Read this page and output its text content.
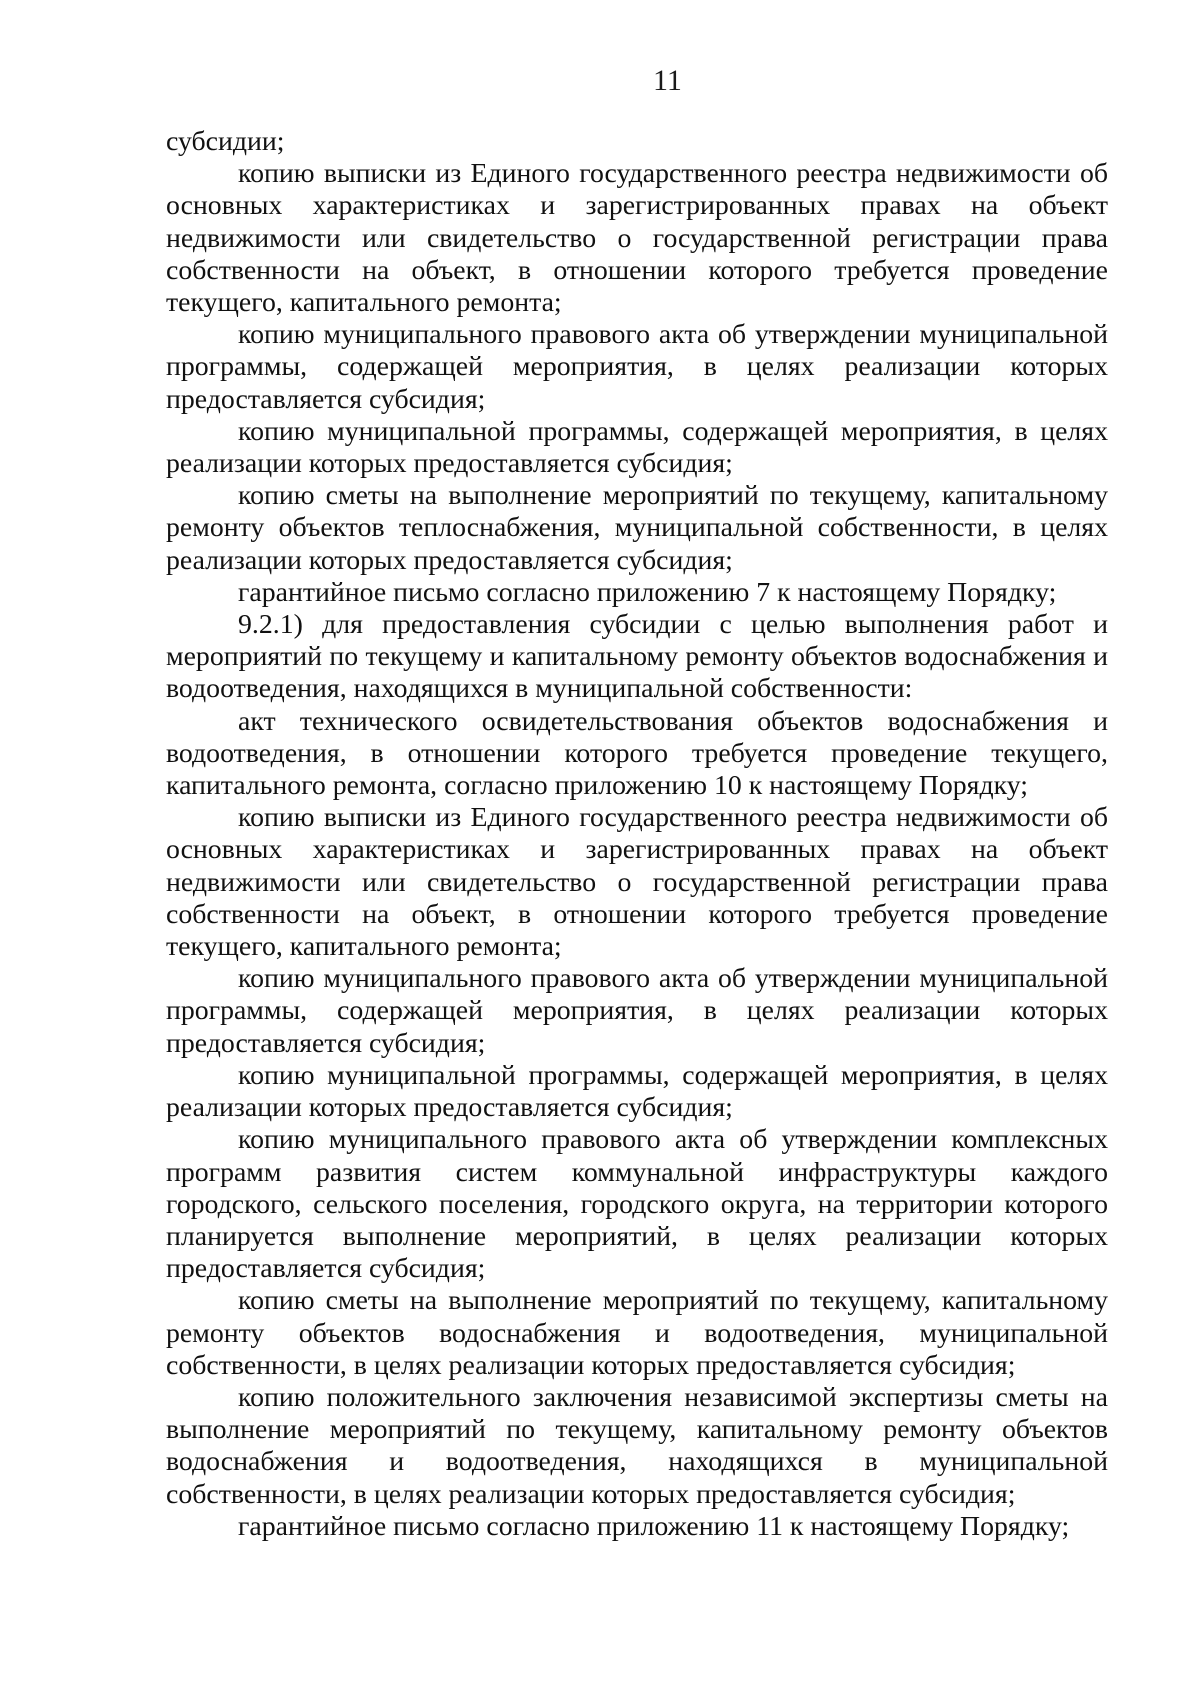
11

субсидии;

копию выписки из Единого государственного реестра недвижимости об основных характеристиках и зарегистрированных правах на объект недвижимости или свидетельство о государственной регистрации права собственности на объект, в отношении которого требуется проведение текущего, капитального ремонта;

копию муниципального правового акта об утверждении муниципальной программы, содержащей мероприятия, в целях реализации которых предоставляется субсидия;

копию муниципальной программы, содержащей мероприятия, в целях реализации которых предоставляется субсидия;

копию сметы на выполнение мероприятий по текущему, капитальному ремонту объектов теплоснабжения, муниципальной собственности, в целях реализации которых предоставляется субсидия;

гарантийное письмо согласно приложению 7 к настоящему Порядку;

9.2.1) для предоставления субсидии с целью выполнения работ и мероприятий по текущему и капитальному ремонту объектов водоснабжения и водоотведения, находящихся в муниципальной собственности:

акт технического освидетельствования объектов водоснабжения и водоотведения, в отношении которого требуется проведение текущего, капитального ремонта, согласно приложению 10 к настоящему Порядку;

копию выписки из Единого государственного реестра недвижимости об основных характеристиках и зарегистрированных правах на объект недвижимости или свидетельство о государственной регистрации права собственности на объект, в отношении которого требуется проведение текущего, капитального ремонта;

копию муниципального правового акта об утверждении муниципальной программы, содержащей мероприятия, в целях реализации которых предоставляется субсидия;

копию муниципальной программы, содержащей мероприятия, в целях реализации которых предоставляется субсидия;

копию муниципального правового акта об утверждении комплексных программ развития систем коммунальной инфраструктуры каждого городского, сельского поселения, городского округа, на территории которого планируется выполнение мероприятий, в целях реализации которых предоставляется субсидия;

копию сметы на выполнение мероприятий по текущему, капитальному ремонту объектов водоснабжения и водоотведения, муниципальной собственности, в целях реализации которых предоставляется субсидия;

копию положительного заключения независимой экспертизы сметы на выполнение мероприятий по текущему, капитальному ремонту объектов водоснабжения и водоотведения, находящихся в муниципальной собственности, в целях реализации которых предоставляется субсидия;

гарантийное письмо согласно приложению 11 к настоящему Порядку;
